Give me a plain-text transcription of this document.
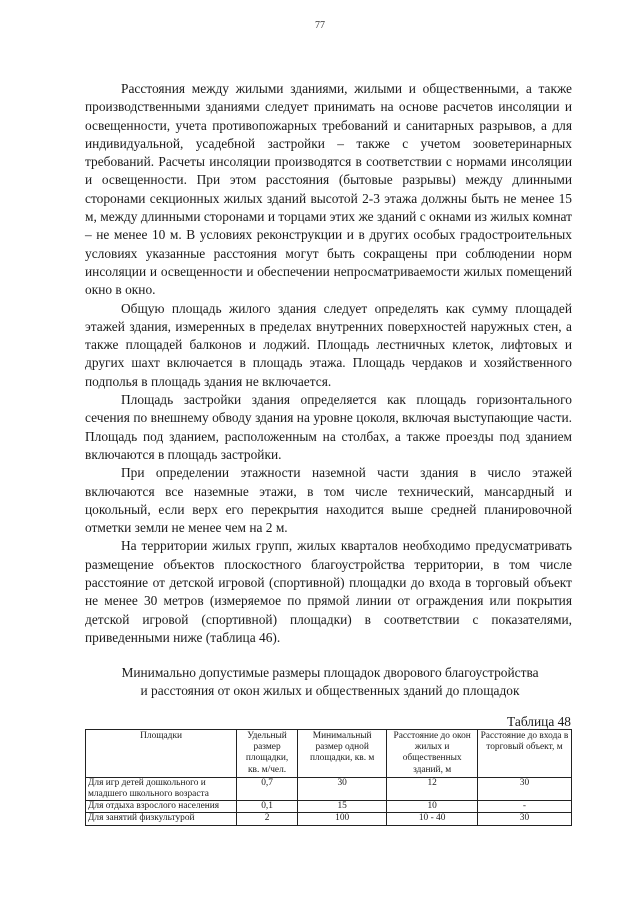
77

Расстояния между жилыми зданиями, жилыми и общественными, а также производственными зданиями следует принимать на основе расчетов инсоляции и освещенности, учета противопожарных требований и санитарных разрывов, а для индивидуальной, усадебной застройки – также с учетом зооветеринарных требований. Расчеты инсоляции производятся в соответствии с нормами инсоляции и освещенности. При этом расстояния (бытовые разрывы) между длинными сторонами секционных жилых зданий высотой 2-3 этажа должны быть не менее 15 м, между длинными сторонами и торцами этих же зданий с окнами из жилых комнат – не менее 10 м. В условиях реконструкции и в других особых градостроительных условиях указанные расстояния могут быть сокращены при соблюдении норм инсоляции и освещенности и обеспечении непросматриваемости жилых помещений окно в окно.

Общую площадь жилого здания следует определять как сумму площадей этажей здания, измеренных в пределах внутренних поверхностей наружных стен, а также площадей балконов и лоджий. Площадь лестничных клеток, лифтовых и других шахт включается в площадь этажа. Площадь чердаков и хозяйственного подполья в площадь здания не включается.

Площадь застройки здания определяется как площадь горизонтального сечения по внешнему обводу здания на уровне цоколя, включая выступающие части. Площадь под зданием, расположенным на столбах, а также проезды под зданием включаются в площадь застройки.

При определении этажности наземной части здания в число этажей включаются все наземные этажи, в том числе технический, мансардный и цокольный, если верх его перекрытия находится выше средней планировочной отметки земли не менее чем на 2 м.

На территории жилых групп, жилых кварталов необходимо предусматривать размещение объектов плоскостного благоустройства территории, в том числе расстояние от детской игровой (спортивной) площадки до входа в торговый объект не менее 30 метров (измеряемое по прямой линии от ограждения или покрытия детской игровой (спортивной) площадки) в соответствии с показателями, приведенными ниже (таблица 46).

Минимально допустимые размеры площадок дворового благоустройства
и расстояния от окон жилых и общественных зданий до площадок
Таблица 48
Площадки	Удельный размер площадки, кв. м/чел.	Минимальный размер одной площадки, кв. м	Расстояние до окон жилых и общественных зданий, м	Расстояние до входа в торговый объект, м
Для игр детей дошкольного и младшего школьного возраста	0,7	30	12	30
Для отдыха взрослого населения	0,1	15	10	-
Для занятий физкультурой	2	100	10 - 40	30
